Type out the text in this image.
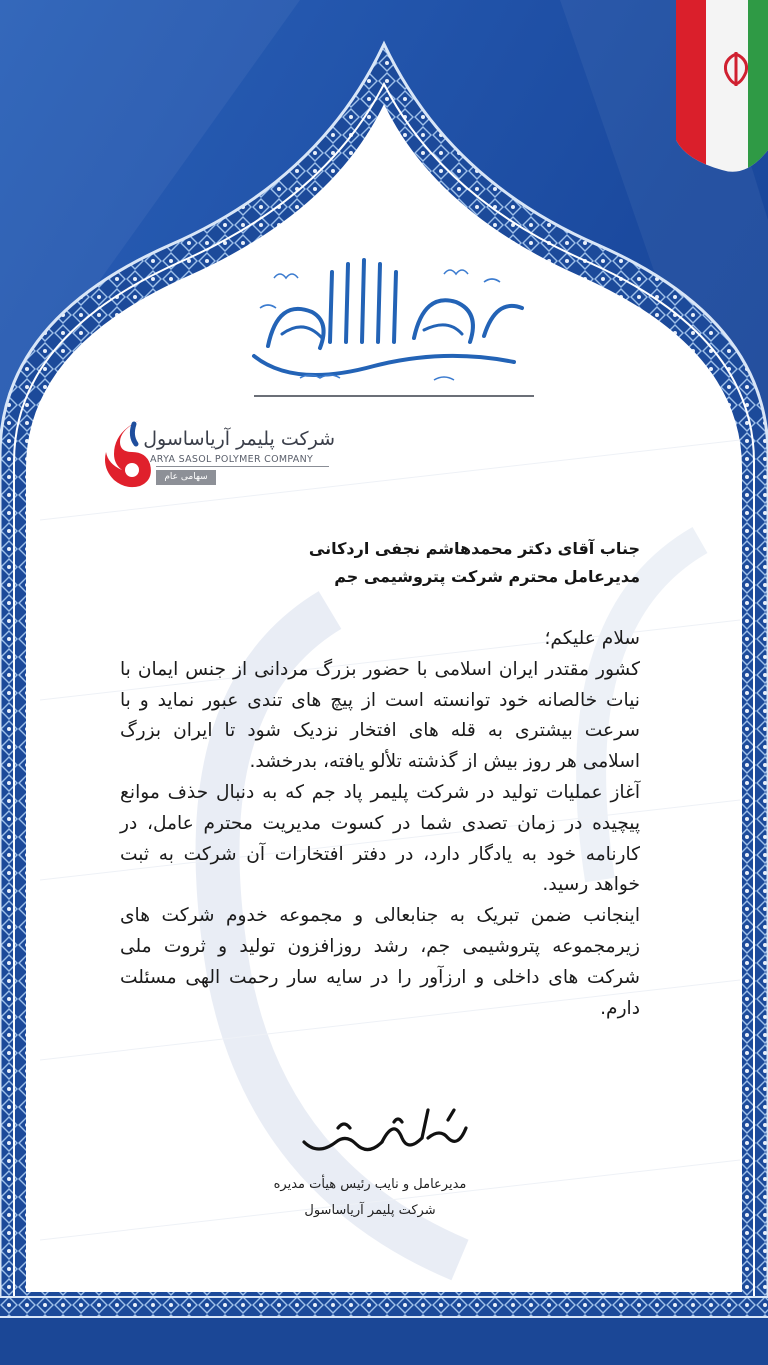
شرکت پلیمر آریاساسول
ARYA SASOL POLYMER COMPANY
سهامی عام
جناب آقای دکتر محمدهاشم نجفی اردکانی
مدیرعامل محترم شرکت پتروشیمی جم

سلام علیکم؛

کشور مقتدر ایران اسلامی با حضور بزرگ مردانی از جنس ایمان با نیات خالصانه خود توانسته است از پیچ های تندی عبور نماید و با سرعت بیشتری به قله های افتخار نزدیک شود تا ایران بزرگ اسلامی هر روز بیش از گذشته تلألو یافته، بدرخشد.

آغاز عملیات تولید در شرکت پلیمر پاد جم که به دنبال حذف موانع پیچیده در زمان تصدی شما در کسوت مدیریت محترم عامل، در کارنامه خود به یادگار دارد، در دفتر افتخارات آن شرکت به ثبت خواهد رسید.

اینجانب ضمن تبریک به جنابعالی و مجموعه خدوم شرکت های زیرمجموعه پتروشیمی جم، رشد روزافزون تولید و ثروت ملی شرکت های داخلی و ارزآور را در سایه سار رحمت الهی مسئلت دارم.

مدیرعامل و نایب رئیس هیأت مدیره
شرکت پلیمر آریاساسول
